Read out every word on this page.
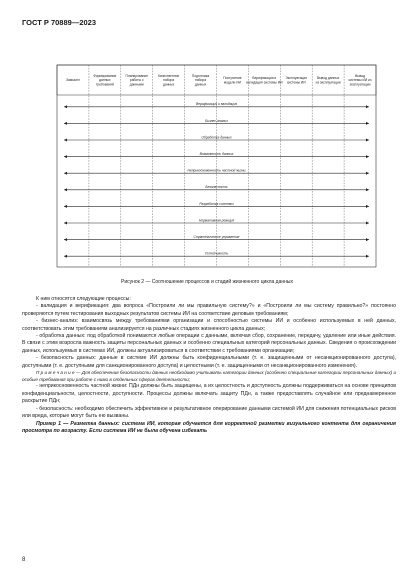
ГОСТ Р 70889—2023
Замысел
Формирование данных требований
Планирование работы с данными
Качественное набора данных
Подготовка набора данных
Построение модели ИИ
Верификация и валидация системы ИИ
Эксплуатация системы ИИ
Вывод данных из эксплуатации
Вывод системы ИИ из эксплуатации
Верификация и валидация
Бизнес-анализ
Обработка данных
Возможность данных
Неприкосновенность частной жизни
Безопасность
Разработка системы
Нормативная реакция
Стратегическое управление
Устойчивость
Рисунок 2 — Соотношение процессов и стадий жизненного цикла данных

К ним относятся следующие процессы:

- валидация и верификация: два вопроса «Построили ли мы правильную систему?» и «Построили ли мы систему правильно?» постоянно проверяются путем тестирования выходных результатов системы ИИ на соответствие деловым требованиям;

- бизнес-анализ: взаимосвязь между требованиями организации и способностью системы ИИ и особенно используемых в ней данных, соответствовать этим требованиям анализируется на различных стадиях жизненного цикла данных;

- обработка данных: под обработкой понимаются любые операции с данными, включая сбор, сохранение, передачу, удаление или иные действия. В связи с этим возросла важность защиты персональных данных и особенно специальных категорий персональных данных. Сведения о происхождении данных, используемых в системах ИИ, должны актуализироваться в соответствии с требованиями организации;

- безопасность данных: данные в системе ИИ должны быть конфиденциальными (т. е. защищенными от несанкционированного доступа), доступными (т. е. доступными для санкционированного доступа) и целостными (т. е. защищенными от несанкционированного изменения).

П р и м е ч а н и е — Для обеспечения безопасности данных необходимо учитывать категории данных (особенно специальные категории персональных данных) и особые требования при работе с ними в отдельных сферах деятельности;

- неприкосновенность частной жизни: ПДн должны быть защищены, а их целостность и доступность должны поддерживаться на основе принципов конфиденциальности, целостности, доступности. Процессы должны включать защиту ПДн, а также предоставлять случайное или преднамеренное раскрытие ПДн;

- безопасность: необходимо обеспечить эффективное и результативное оперирование данными системой ИИ для снижения потенциальных рисков или вреда, которые могут быть ею вызваны.

Пример 1 — Разметка данных: система ИИ, которая обучается для корректной разметки визуального контента для ограничения просмотра по возрасту. Если система ИИ не была обучена избегать

8
